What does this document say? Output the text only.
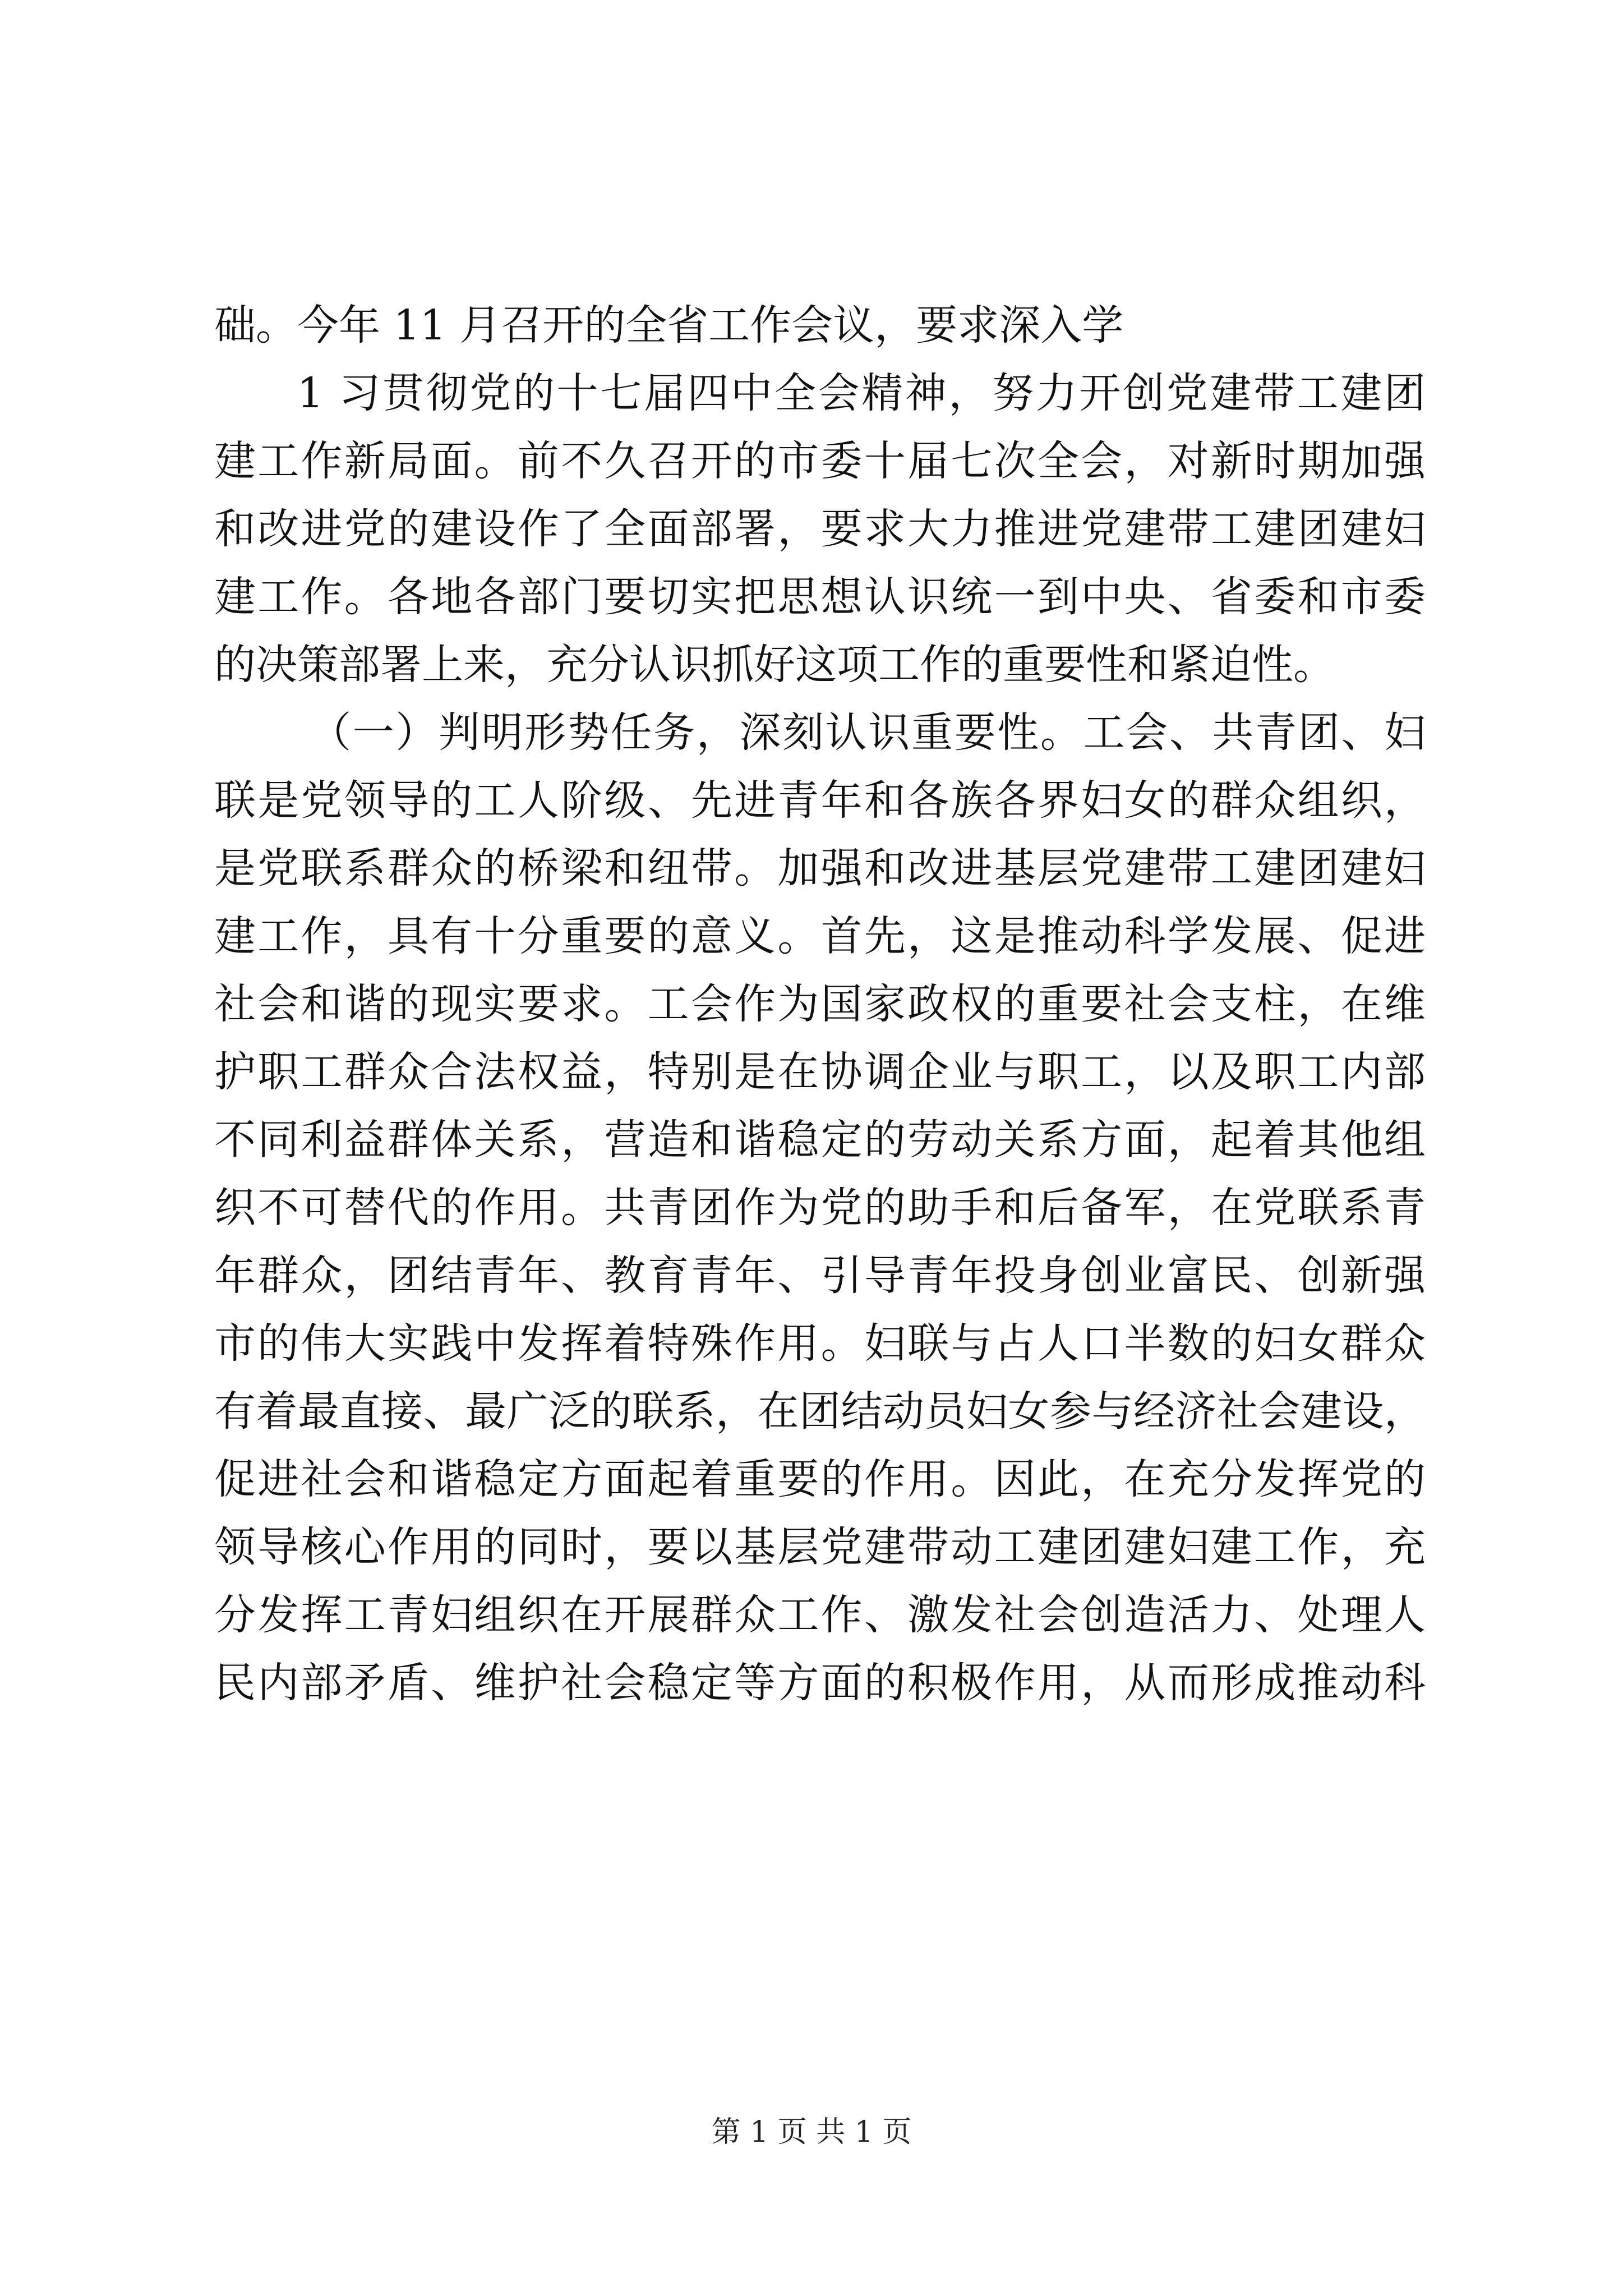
础。今年 11 月召开的全省工作会议，要求深入学
1 习贯彻党的十七届四中全会精神，努力开创党建带工建团
建工作新局面。前不久召开的市委十届七次全会，对新时期加强
和改进党的建设作了全面部署，要求大力推进党建带工建团建妇
建工作。各地各部门要切实把思想认识统一到中央、省委和市委
的决策部署上来，充分认识抓好这项工作的重要性和紧迫性。
（一）判明形势任务，深刻认识重要性。工会、共青团、妇
联是党领导的工人阶级、先进青年和各族各界妇女的群众组织，
是党联系群众的桥梁和纽带。加强和改进基层党建带工建团建妇
建工作，具有十分重要的意义。首先，这是推动科学发展、促进
社会和谐的现实要求。工会作为国家政权的重要社会支柱，在维
护职工群众合法权益，特别是在协调企业与职工，以及职工内部
不同利益群体关系，营造和谐稳定的劳动关系方面，起着其他组
织不可替代的作用。共青团作为党的助手和后备军，在党联系青
年群众，团结青年、教育青年、引导青年投身创业富民、创新强
市的伟大实践中发挥着特殊作用。妇联与占人口半数的妇女群众
有着最直接、最广泛的联系，在团结动员妇女参与经济社会建设，
促进社会和谐稳定方面起着重要的作用。因此，在充分发挥党的
领导核心作用的同时，要以基层党建带动工建团建妇建工作，充
分发挥工青妇组织在开展群众工作、激发社会创造活力、处理人
民内部矛盾、维护社会稳定等方面的积极作用，从而形成推动科
第 1 页 共 1 页
